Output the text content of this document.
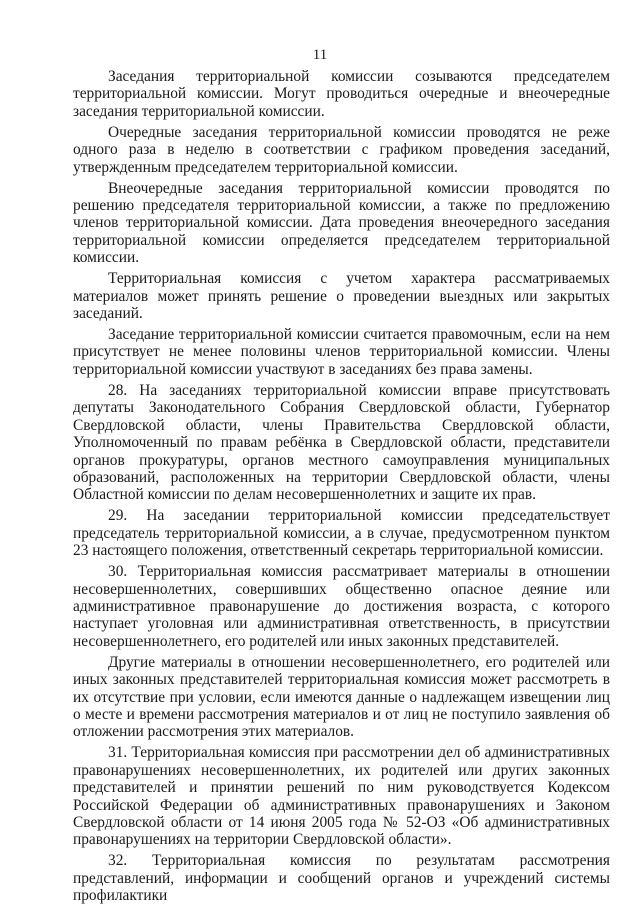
11

Заседания территориальной комиссии созываются председателем территориальной комиссии. Могут проводиться очередные и внеочередные заседания территориальной комиссии.

Очередные заседания территориальной комиссии проводятся не реже одного раза в неделю в соответствии с графиком проведения заседаний, утвержденным председателем территориальной комиссии.

Внеочередные заседания территориальной комиссии проводятся по решению председателя территориальной комиссии, а также по предложению членов территориальной комиссии. Дата проведения внеочередного заседания территориальной комиссии определяется председателем территориальной комиссии.

Территориальная комиссия с учетом характера рассматриваемых материалов может принять решение о проведении выездных или закрытых заседаний.

Заседание территориальной комиссии считается правомочным, если на нем присутствует не менее половины членов территориальной комиссии. Члены территориальной комиссии участвуют в заседаниях без права замены.

28. На заседаниях территориальной комиссии вправе присутствовать депутаты Законодательного Собрания Свердловской области, Губернатор Свердловской области, члены Правительства Свердловской области, Уполномоченный по правам ребёнка в Свердловской области, представители органов прокуратуры, органов местного самоуправления муниципальных образований, расположенных на территории Свердловской области, члены Областной комиссии по делам несовершеннолетних и защите их прав.

29. На заседании территориальной комиссии председательствует председатель территориальной комиссии, а в случае, предусмотренном пунктом 23 настоящего положения, ответственный секретарь территориальной комиссии.

30. Территориальная комиссия рассматривает материалы в отношении несовершеннолетних, совершивших общественно опасное деяние или административное правонарушение до достижения возраста, с которого наступает уголовная или административная ответственность, в присутствии несовершеннолетнего, его родителей или иных законных представителей.

Другие материалы в отношении несовершеннолетнего, его родителей или иных законных представителей территориальная комиссия может рассмотреть в их отсутствие при условии, если имеются данные о надлежащем извещении лиц о месте и времени рассмотрения материалов и от лиц не поступило заявления об отложении рассмотрения этих материалов.

31. Территориальная комиссия при рассмотрении дел об административных правонарушениях несовершеннолетних, их родителей или других законных представителей и принятии решений по ним руководствуется Кодексом Российской Федерации об административных правонарушениях и Законом Свердловской области от 14 июня 2005 года № 52-ОЗ «Об административных правонарушениях на территории Свердловской области».

32. Территориальная комиссия по результатам рассмотрения представлений, информации и сообщений органов и учреждений системы профилактики
